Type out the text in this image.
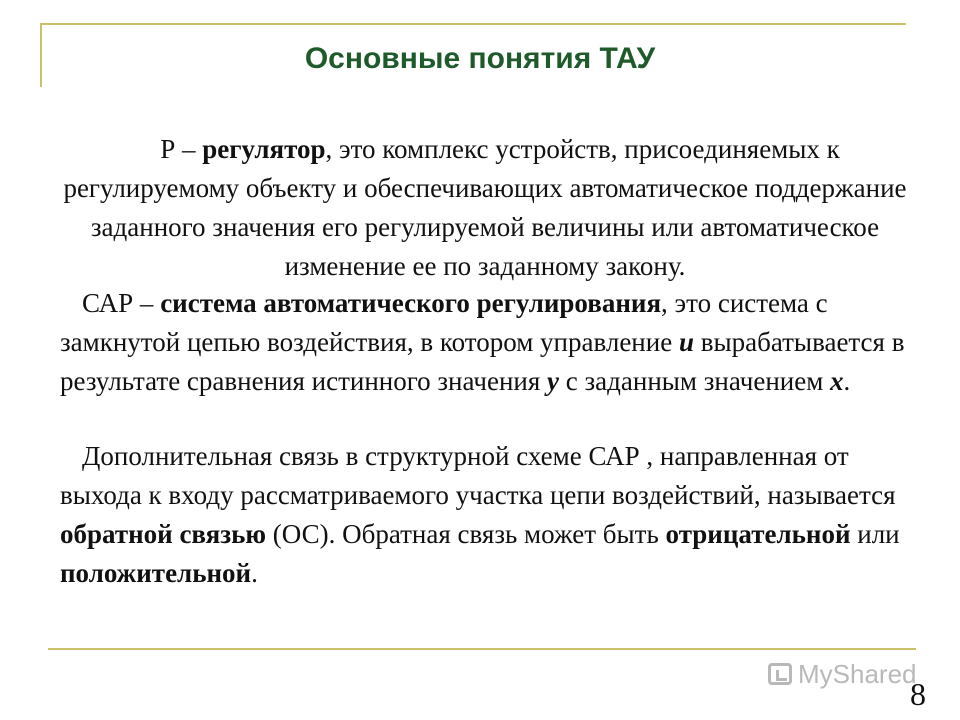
Основные понятия ТАУ
Р – регулятор, это комплекс устройств, присоединяемых к регулируемому объекту и обеспечивающих автоматическое поддержание заданного значения его регулируемой величины или автоматическое изменение ее по заданному закону.
САР – система автоматического регулирования, это система с замкнутой цепью воздействия, в котором управление u вырабатывается в результате сравнения истинного значения y с заданным значением x.
Дополнительная связь в структурной схеме САР , направленная от выхода к входу рассматриваемого участка цепи воздействий, называется обратной связью (ОС). Обратная связь может быть отрицательной или положительной.
MyShared
8
